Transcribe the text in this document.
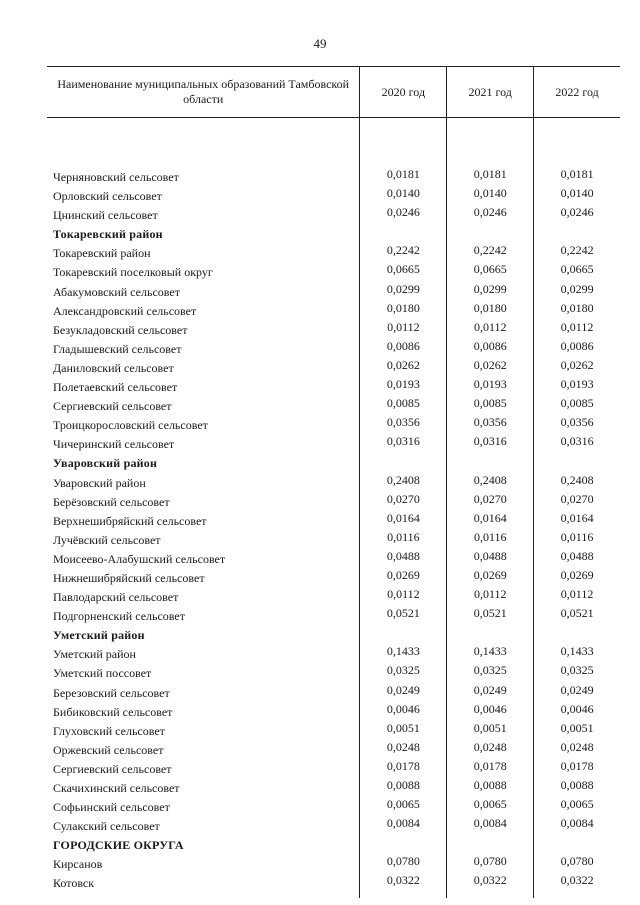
49
Наименование муниципальных образований Тамбовской области
2020 год	2021 год	2022 год
Черняновский сельсовет
Орловский сельсовет
Цнинский сельсовет
Токаревский район
Токаревский район
Токаревский поселковый округ
Абакумовский сельсовет
Александровский сельсовет
Безукладовский сельсовет
Гладышевский сельсовет
Даниловский сельсовет
Полетаевский сельсовет
Сергиевский сельсовет
Троицкорословский сельсовет
Чичеринский сельсовет
Уваровский район
Уваровский район
Берёзовский сельсовет
Верхнешибряйский сельсовет
Лучёвский сельсовет
Моисеево-Алабушский сельсовет
Нижнешибряйский сельсовет
Павлодарский сельсовет
Подгорненский сельсовет
Уметский район
Уметский район
Уметский поссовет
Березовский сельсовет
Бибиковский сельсовет
Глуховский сельсовет
Оржевский сельсовет
Сергиевский сельсовет
Скачихинский сельсовет
Софьинский сельсовет
Сулакский сельсовет
ГОРОДСКИЕ ОКРУГА
Кирсанов
Котовск
0,0181
0,0140
0,0246
0,2242
0,0665
0,0299
0,0180
0,0112
0,0086
0,0262
0,0193
0,0085
0,0356
0,0316
0,2408
0,0270
0,0164
0,0116
0,0488
0,0269
0,0112
0,0521
0,1433
0,0325
0,0249
0,0046
0,0051
0,0248
0,0178
0,0088
0,0065
0,0084
0,0780
0,0322
0,0181
0,0140
0,0246
0,2242
0,0665
0,0299
0,0180
0,0112
0,0086
0,0262
0,0193
0,0085
0,0356
0,0316
0,2408
0,0270
0,0164
0,0116
0,0488
0,0269
0,0112
0,0521
0,1433
0,0325
0,0249
0,0046
0,0051
0,0248
0,0178
0,0088
0,0065
0,0084
0,0780
0,0322
0,0181
0,0140
0,0246
0,2242
0,0665
0,0299
0,0180
0,0112
0,0086
0,0262
0,0193
0,0085
0,0356
0,0316
0,2408
0,0270
0,0164
0,0116
0,0488
0,0269
0,0112
0,0521
0,1433
0,0325
0,0249
0,0046
0,0051
0,0248
0,0178
0,0088
0,0065
0,0084
0,0780
0,0322
